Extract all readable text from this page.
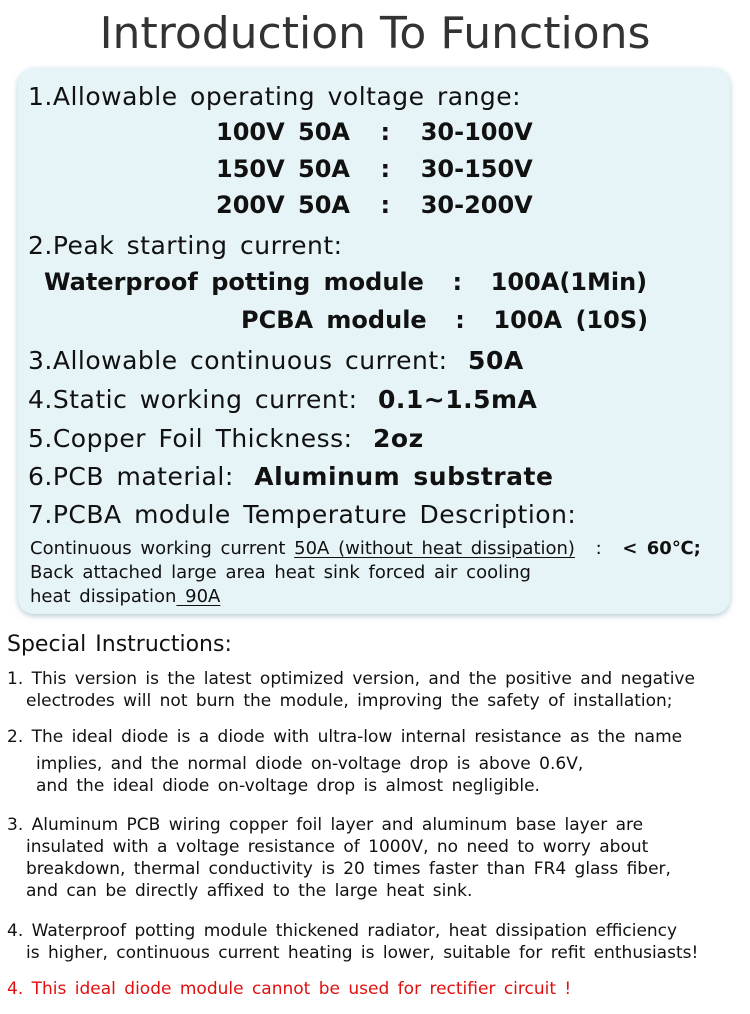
Introduction To Functions
1.Allowable operating voltage range:
100V 50A : 30-100V
150V 50A : 30-150V
200V 50A : 30-200V
2.Peak starting current:
Waterproof potting module : 100A(1Min)
PCBA module : 100A (10S)
3.Allowable continuous current: 50A
4.Static working current: 0.1~1.5mA
5.Copper Foil Thickness: 2oz
6.PCB material: Aluminum substrate
7.PCBA module Temperature Description:
Continuous working current 50A (without heat dissipation) : < 60℃;
Back attached large area heat sink forced air cooling
heat dissipation 90A
Special Instructions:
1. This version is the latest optimized version, and the positive and negative
electrodes will not burn the module, improving the safety of installation;
2. The ideal diode is a diode with ultra-low internal resistance as the name
implies, and the normal diode on-voltage drop is above 0.6V,
and the ideal diode on-voltage drop is almost negligible.
3. Aluminum PCB wiring copper foil layer and aluminum base layer are
insulated with a voltage resistance of 1000V, no need to worry about
breakdown, thermal conductivity is 20 times faster than FR4 glass fiber,
and can be directly affixed to the large heat sink.
4. Waterproof potting module thickened radiator, heat dissipation efficiency
is higher, continuous current heating is lower, suitable for refit enthusiasts!
4. This ideal diode module cannot be used for rectifier circuit !
